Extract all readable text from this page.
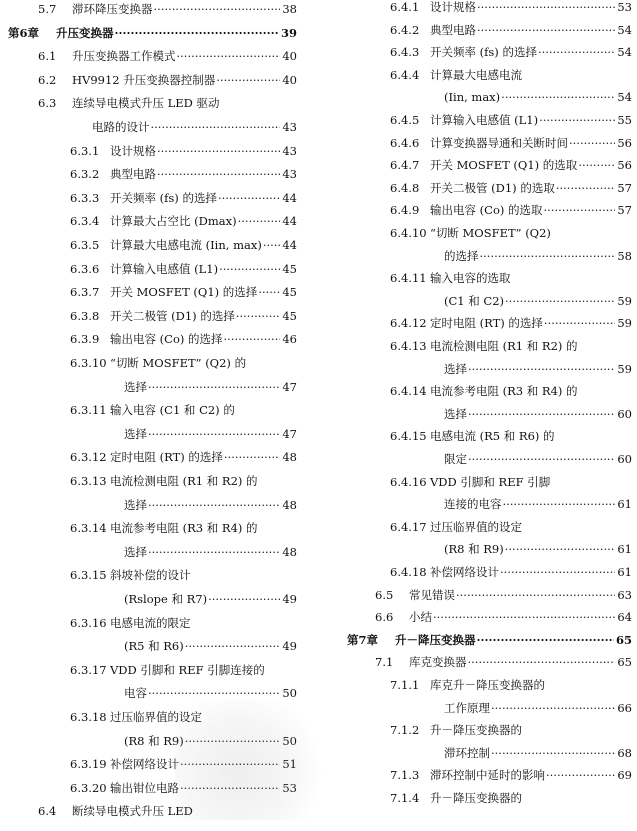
5.7	滞环降压变换器 ·····	38
第6章	升压变换器 ·····	39
6.1	升压变换器工作模式 ·····	40
6.2	HV9912 升压变换器控制器 ·····	40
6.3	连续导电模式升压 LED 驱动
电路的设计 ·····	43
6.3.1 设计规格 ·····	43
6.3.2 典型电路 ·····	43
6.3.3 开关频率 (fs) 的选择 ·····	44
6.3.4 计算最大占空比 (Dmax) ·····	44
6.3.5 计算最大电感电流 (Iin, max) ····· 44
6.3.6 计算输入电感值 (L1) ·····	45
6.3.7 开关 MOSFET (Q1) 的选择 ····· 45
6.3.8 开关二极管 (D1) 的选择 ·····	45
6.3.9 输出电容 (Co) 的选择 ·····	46
6.3.10 “切断 MOSFET” (Q2) 的
选择 ·····	47
6.3.11 输入电容 (C1 和 C2) 的
选择 ·····	47
6.3.12 定时电阻 (RT) 的选择 ·····	48
6.3.13 电流检测电阻 (R1 和 R2) 的
选择 ·····	48
6.3.14 电流参考电阻 (R3 和 R4) 的
选择 ·····	48
6.3.15 斜坡补偿的设计
(Rslope 和 R7) ·····	49
6.3.16 电感电流的限定
(R5 和 R6) ·····	49
6.3.17 VDD 引脚和 REF 引脚连接的
电容 ·····	50
6.3.18 过压临界值的设定
(R8 和 R9) ·····	50
6.3.19 补偿网络设计 ·····	51
6.3.20 输出钳位电路 ·····	53
6.4	断续导电模式升压 LED
6.4.1 设计规格 ·····	53
6.4.2 典型电路 ·····	54
6.4.3 开关频率 (fs) 的选择 ·····	54
6.4.4 计算最大电感电流
(Iin, max) ·····	54
6.4.5 计算输入电感值 (L1) ·····	55
6.4.6 计算变换器导通和关断时间 ·····	56
6.4.7 开关 MOSFET (Q1) 的选取 ·····	56
6.4.8 开关二极管 (D1) 的选取 ·····	57
6.4.9 输出电容 (Co) 的选取 ·····	57
6.4.10 “切断 MOSFET” (Q2)
的选择 ·····	58
6.4.11 输入电容的选取
(C1 和 C2) ·····	59
6.4.12 定时电阻 (RT) 的选择 ·····	59
6.4.13 电流检测电阻 (R1 和 R2) 的
选择 ·····	59
6.4.14 电流参考电阻 (R3 和 R4) 的
选择 ·····	60
6.4.15 电感电流 (R5 和 R6) 的
限定 ·····	60
6.4.16 VDD 引脚和 REF 引脚
连接的电容 ·····	61
6.4.17 过压临界值的设定
(R8 和 R9) ·····	61
6.4.18 补偿网络设计 ·····	61
6.5	常见错误 ·····	63
6.6	小结 ·····	64
第7章	升－降压变换器 ·····	65
7.1	库克变换器 ·····	65
7.1.1 库克升－降压变换器的
工作原理 ·····	66
7.1.2 升－降压变换器的
滞环控制 ·····	68
7.1.3 滞环控制中延时的影响 ·····	69
7.1.4 升－降压变换器的
